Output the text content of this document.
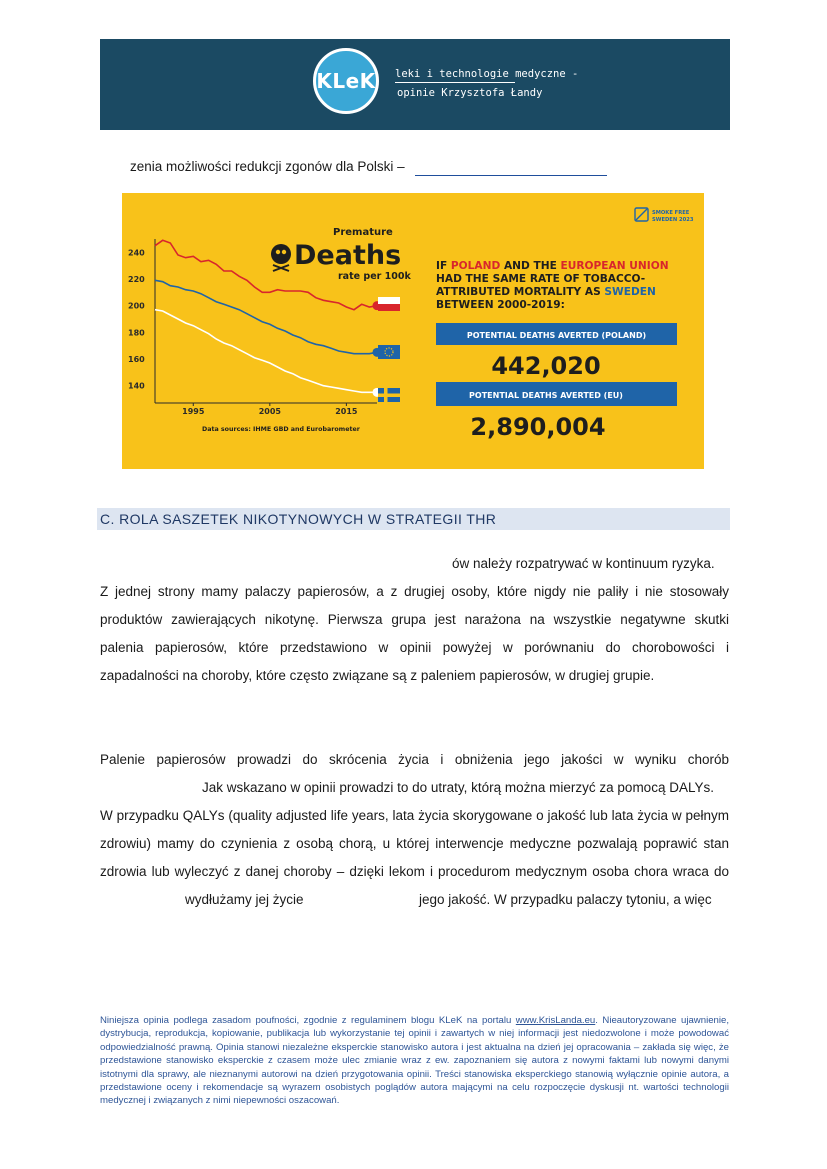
KLeK leki i technologie medyczne -
opinie Krzysztofa Łandy
zenia możliwości redukcji zgonów dla Polski –
140
160
180
200
220
240
1995	2005	2015
Premature
Deaths
rate per 100k
Data sources: IHME GBD and Eurobarometer
SMOKE FREE
SWEDEN 2023
IF POLAND AND THE EUROPEAN UNION
HAD THE SAME RATE OF TOBACCO-
ATTRIBUTED MORTALITY AS SWEDEN
BETWEEN 2000-2019:
POTENTIAL DEATHS AVERTED (POLAND)
442,020
POTENTIAL DEATHS AVERTED (EU)
2,890,004
C. ROLA SASZETEK NIKOTYNOWYCH W STRATEGII THR
ów należy rozpatrywać w kontinuum ryzyka.
Z jednej strony mamy palaczy papierosów, a z drugiej osoby, które nigdy nie paliły i nie stosowały
produktów zawierających nikotynę. Pierwsza grupa jest narażona na wszystkie negatywne skutki
palenia papierosów, które przedstawiono w opinii powyżej w porównaniu do chorobowości i
zapadalności na choroby, które często związane są z paleniem papierosów, w drugiej grupie.
Palenie papierosów prowadzi do skrócenia życia i obniżenia jego jakości w wyniku chorób
Jak wskazano w opinii prowadzi to do utraty, którą można mierzyć za pomocą DALYs.
W przypadku QALYs (quality adjusted life years, lata życia skorygowane o jakość lub lata życia w pełnym
zdrowiu) mamy do czynienia z osobą chorą, u której interwencje medyczne pozwalają poprawić stan
zdrowia lub wyleczyć z danej choroby – dzięki lekom i procedurom medycznym osoba chora wraca do
wydłużamy jej życie	jego jakość. W przypadku palaczy tytoniu, a więc
Niniejsza opinia podlega zasadom poufności, zgodnie z regulaminem blogu KLeK na portalu www.KrisLanda.eu. Nieautoryzowane ujawnienie, dystrybucja, reprodukcja, kopiowanie, publikacja lub wykorzystanie tej opinii i zawartych w niej informacji jest niedozwolone i może powodować odpowiedzialność prawną. Opinia stanowi niezależne eksperckie stanowisko autora i jest aktualna na dzień jej opracowania – zakłada się więc, że przedstawione stanowisko eksperckie z czasem może ulec zmianie wraz z ew. zapoznaniem się autora z nowymi faktami lub nowymi danymi istotnymi dla sprawy, ale nieznanymi autorowi na dzień przygotowania opinii. Treści stanowiska eksperckiego stanowią wyłącznie opinie autora, a przedstawione oceny i rekomendacje są wyrazem osobistych poglądów autora mającymi na celu rozpoczęcie dyskusji nt. wartości technologii medycznej i związanych z nimi niepewności oszacowań.
